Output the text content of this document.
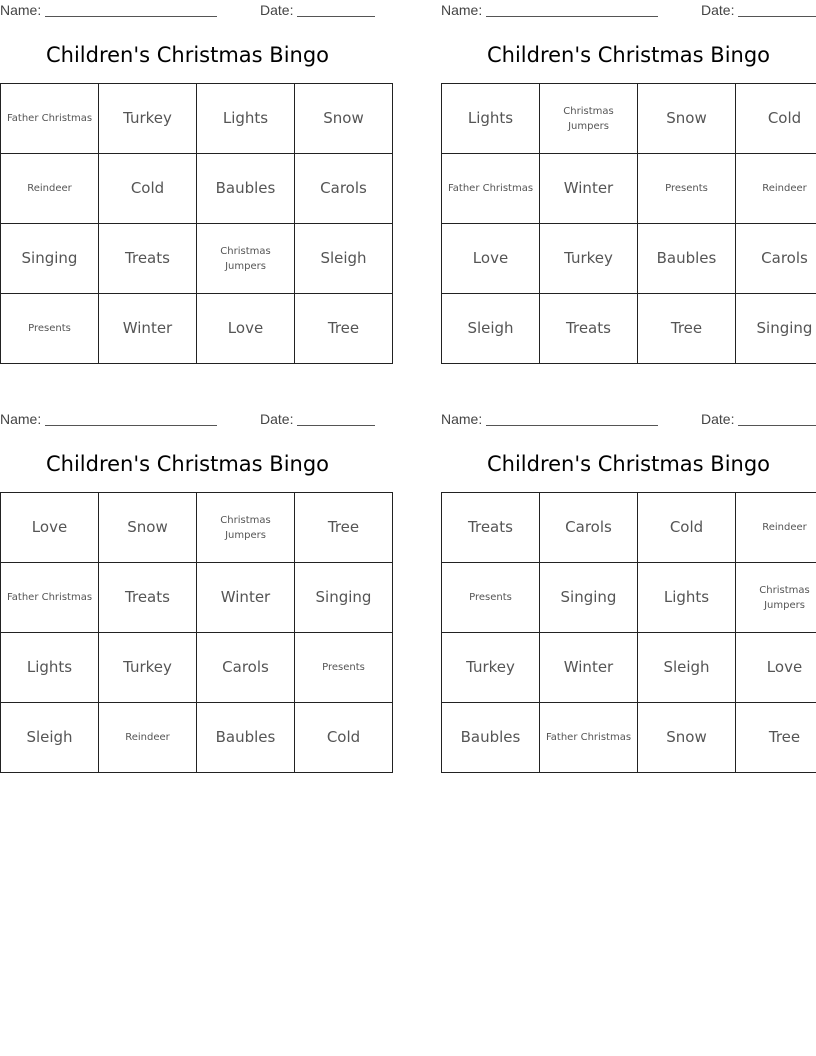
Name:	Date:
Children's Christmas Bingo
Father Christmas	Turkey	Lights	Snow
Reindeer	Cold	Baubles	Carols
Singing	Treats	Christmas Jumpers	Sleigh
Presents	Winter	Love	Tree
Name:	Date:
Children's Christmas Bingo
Lights	Christmas Jumpers	Snow	Cold
Father Christmas	Winter	Presents	Reindeer
Love	Turkey	Baubles	Carols
Sleigh	Treats	Tree	Singing
Name:	Date:
Children's Christmas Bingo
Love	Snow	Christmas Jumpers	Tree
Father Christmas	Treats	Winter	Singing
Lights	Turkey	Carols	Presents
Sleigh	Reindeer	Baubles	Cold
Name:	Date:
Children's Christmas Bingo
Treats	Carols	Cold	Reindeer
Presents	Singing	Lights	Christmas Jumpers
Turkey	Winter	Sleigh	Love
Baubles	Father Christmas	Snow	Tree
